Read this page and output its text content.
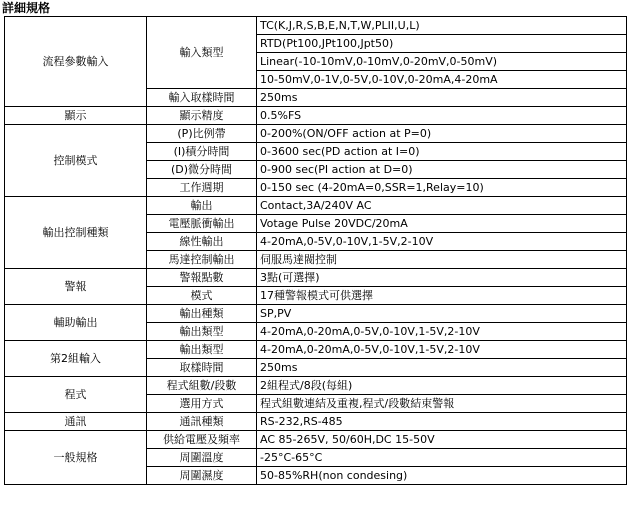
詳細規格
流程參數輸入	輸入類型	TC(K,J,R,S,B,E,N,T,W,PLII,U,L)
		RTD(Pt100,JPt100,Jpt50)
		Linear(-10-10mV,0-10mV,0-20mV,0-50mV)
		10-50mV,0-1V,0-5V,0-10V,0-20mA,4-20mA
	輸入取樣時間	250ms
顯示	顯示精度	0.5%FS
控制模式	(P)比例帶	0-200%(ON/OFF action at P=0)
	(I)積分時間	0-3600 sec(PD action at I=0)
	(D)微分時間	0-900 sec(PI action at D=0)
	工作週期	0-150 sec (4-20mA=0,SSR=1,Relay=10)
輸出控制種類	輸出	Contact,3A/240V AC
	電壓脈衝輸出	Votage Pulse 20VDC/20mA
	線性輸出	4-20mA,0-5V,0-10V,1-5V,2-10V
	馬達控制輸出	伺服馬達閥控制
警報	警報點數	3點(可選擇)
	模式	17種警報模式可供選擇
輔助輸出	輸出種類	SP,PV
	輸出類型	4-20mA,0-20mA,0-5V,0-10V,1-5V,2-10V
第2組輸入	輸出類型	4-20mA,0-20mA,0-5V,0-10V,1-5V,2-10V
	取樣時間	250ms
程式	程式組數/段數	2組程式/8段(每組)
	選用方式	程式組數連結及重複,程式/段數結束警報
通訊	通訊種類	RS-232,RS-485
一般規格	供給電壓及頻率	AC 85-265V, 50/60H,DC 15-50V
	周圍溫度	-25°C-65°C
	周圍濕度	50-85%RH(non condesing)
